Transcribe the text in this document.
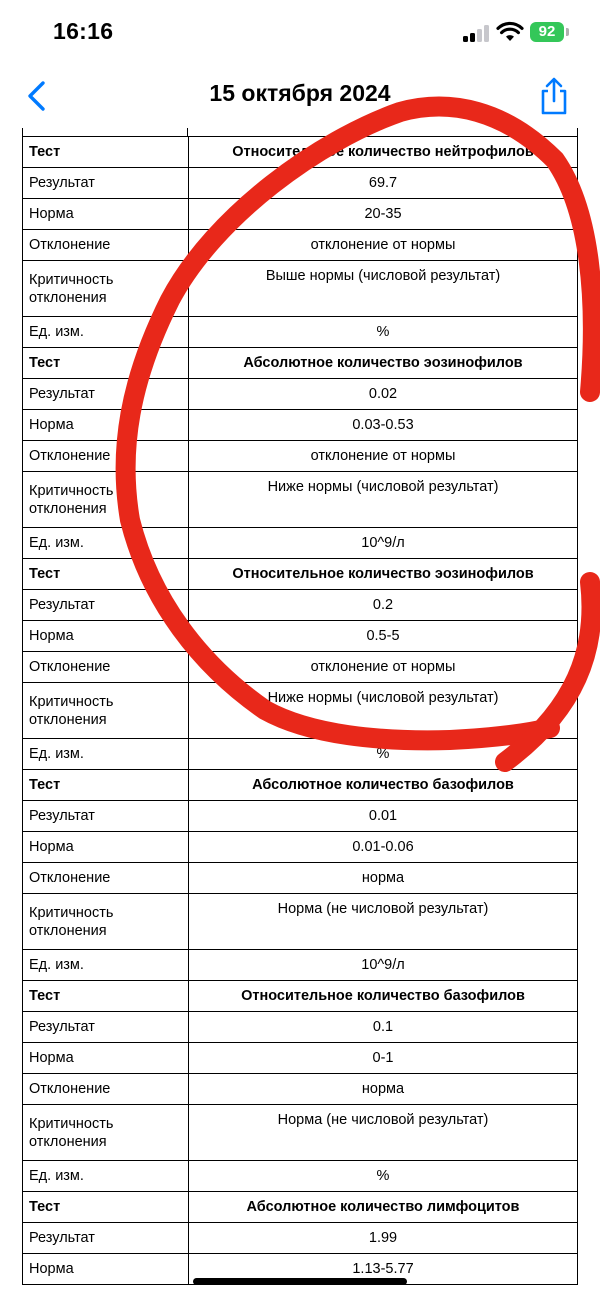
16:16	92
15 октября 2024
Тест	Относительное количество нейтрофилов
Результат	69.7
Норма	20-35
Отклонение	отклонение от нормы
Критичность отклонения	Выше нормы (числовой результат)
Ед. изм.	%
Тест	Абсолютное количество эозинофилов
Результат	0.02
Норма	0.03-0.53
Отклонение	отклонение от нормы
Критичность отклонения	Ниже нормы (числовой результат)
Ед. изм.	10^9/л
Тест	Относительное количество эозинофилов
Результат	0.2
Норма	0.5-5
Отклонение	отклонение от нормы
Критичность отклонения	Ниже нормы (числовой результат)
Ед. изм.	%
Тест	Абсолютное количество базофилов
Результат	0.01
Норма	0.01-0.06
Отклонение	норма
Критичность отклонения	Норма (не числовой результат)
Ед. изм.	10^9/л
Тест	Относительное количество базофилов
Результат	0.1
Норма	0-1
Отклонение	норма
Критичность отклонения	Норма (не числовой результат)
Ед. изм.	%
Тест	Абсолютное количество лимфоцитов
Результат	1.99
Норма	1.13-5.77
